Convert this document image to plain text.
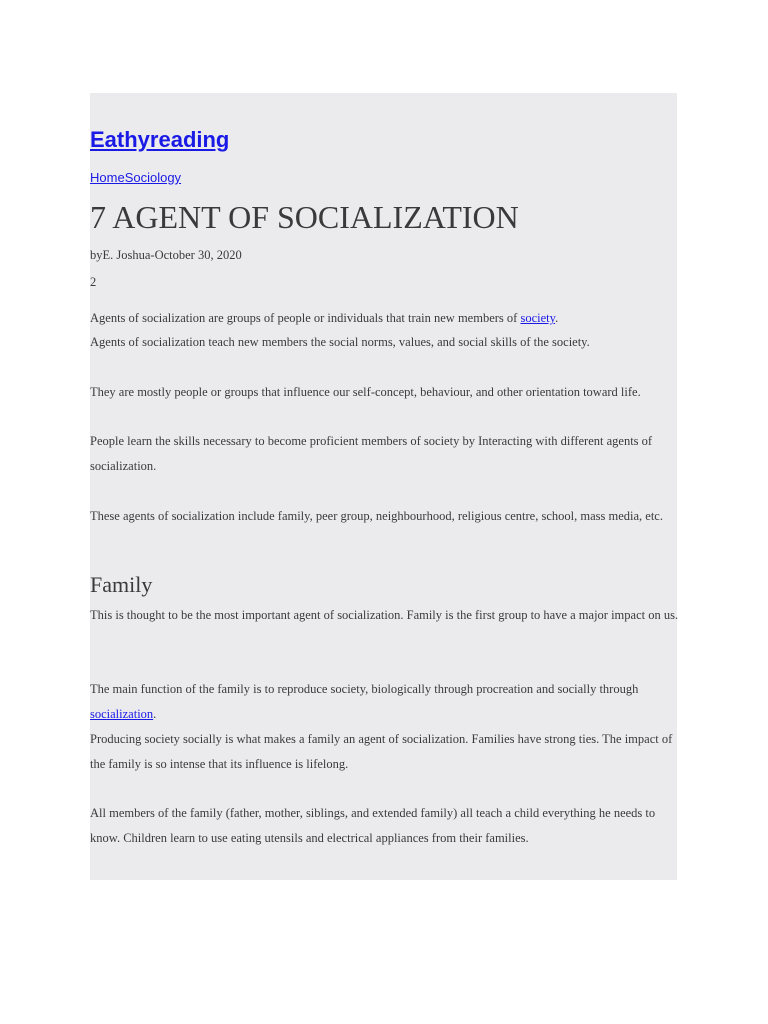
Eathyreading
HomeSociology
7 AGENT OF SOCIALIZATION
byE. Joshua-October 30, 2020
2

Agents of socialization are groups of people or individuals that train new members of society.

Agents of socialization teach new members the social norms, values, and social skills of the society.

They are mostly people or groups that influence our self-concept, behaviour, and other orientation toward life.

People learn the skills necessary to become proficient members of society by Interacting with different agents of socialization.

These agents of socialization include family, peer group, neighbourhood, religious centre, school, mass media, etc.

Family

This is thought to be the most important agent of socialization. Family is the first group to have a major impact on us.

The main function of the family is to reproduce society, biologically through procreation and socially through socialization.

Producing society socially is what makes a family an agent of socialization. Families have strong ties. The impact of the family is so intense that its influence is lifelong.

All members of the family (father, mother, siblings, and extended family) all teach a child everything he needs to know. Children learn to use eating utensils and electrical appliances from their families.
